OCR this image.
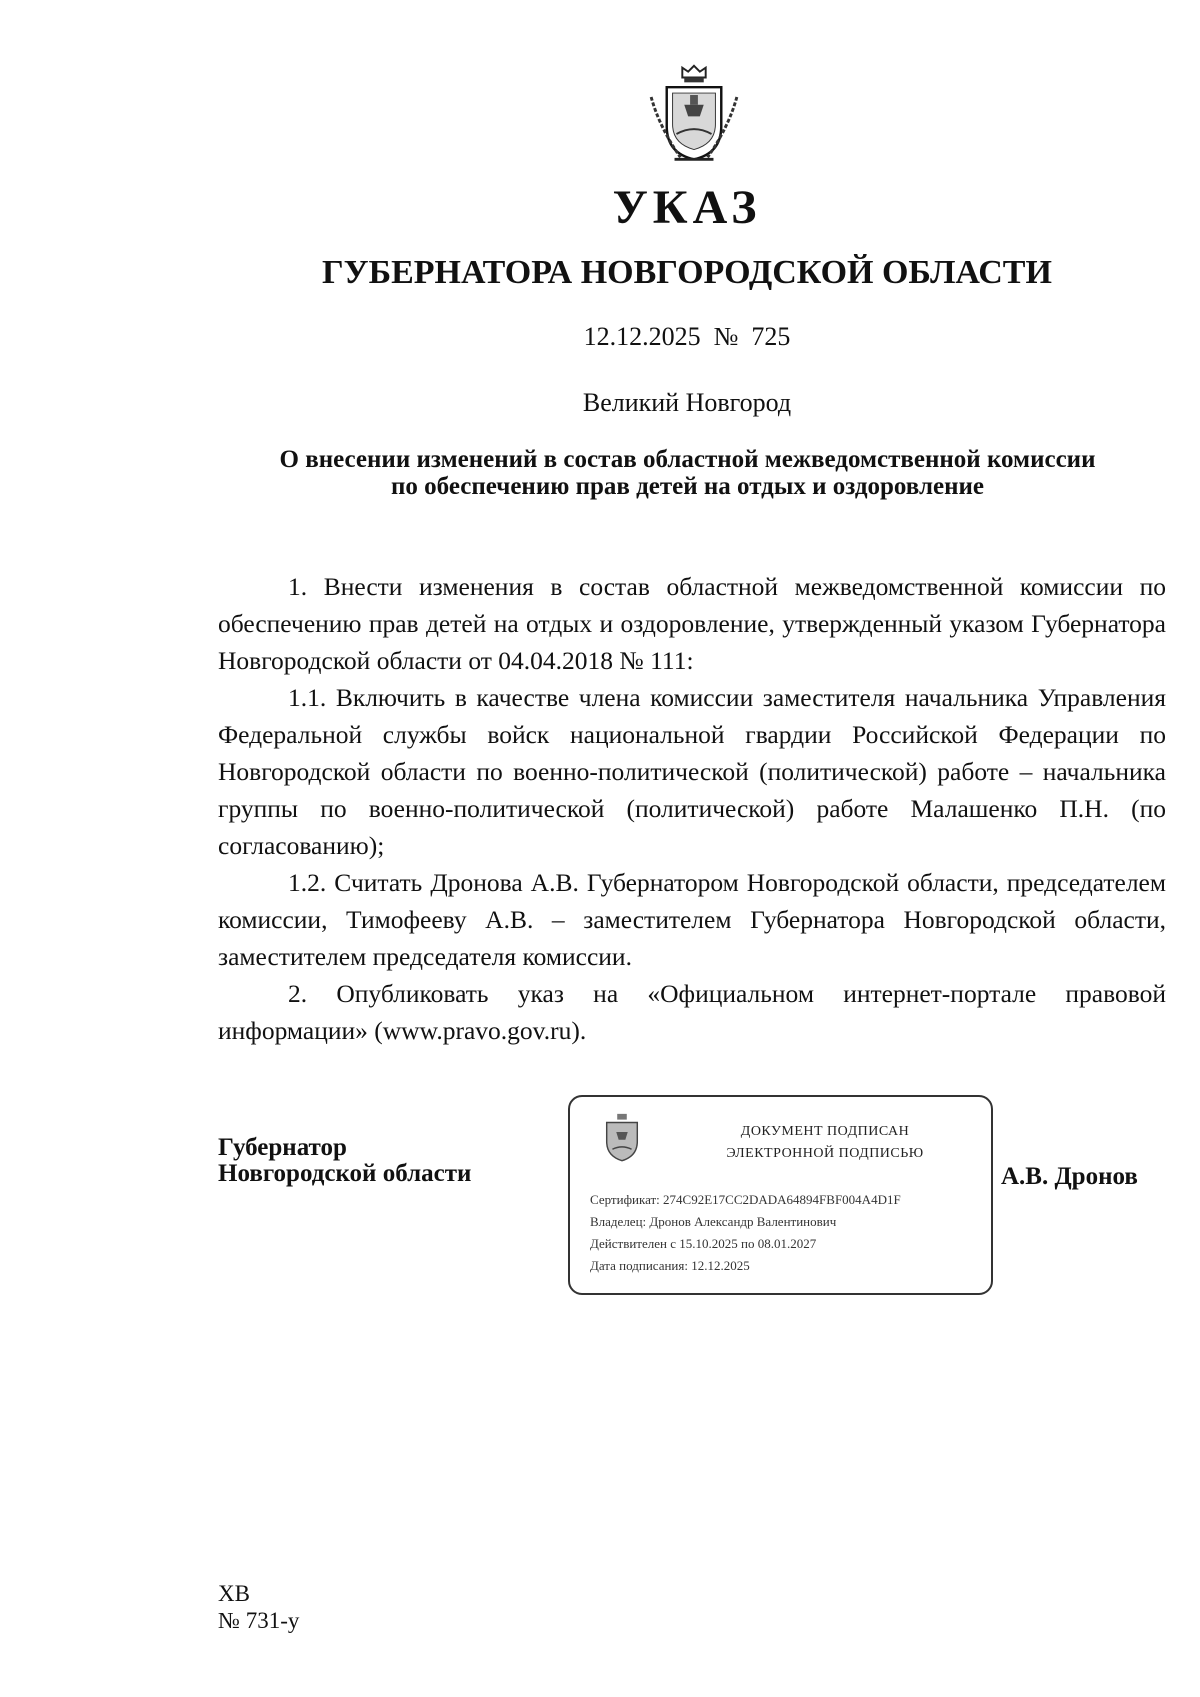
УКАЗ
ГУБЕРНАТОРА НОВГОРОДСКОЙ ОБЛАСТИ
12.12.2025 № 725
Великий Новгород
О внесении изменений в состав областной межведомственной комиссии
по обеспечению прав детей на отдых и оздоровление

1. Внести изменения в состав областной межведомственной комиссии по обеспечению прав детей на отдых и оздоровление, утвержденный указом Губернатора Новгородской области от 04.04.2018 № 111:

1.1. Включить в качестве члена комиссии заместителя начальника Управления Федеральной службы войск национальной гвардии Российской Федерации по Новгородской области по военно-политической (политической) работе – начальника группы по военно-политической (политической) работе Малашенко П.Н. (по согласованию);

1.2. Считать Дронова А.В. Губернатором Новгородской области, председателем комиссии, Тимофееву А.В. – заместителем Губернатора Новгородской области, заместителем председателя комиссии.

2. Опубликовать указ на «Официальном интернет-портале правовой информации» (www.pravo.gov.ru).

Губернатор
Новгородской области
ДОКУМЕНТ ПОДПИСАН
ЭЛЕКТРОННОЙ ПОДПИСЬЮ
Сертификат: 274C92E17CC2DADA64894FBF004A4D1F
Владелец: Дронов Александр Валентинович
Действителен с 15.10.2025 по 08.01.2027
Дата подписания: 12.12.2025
А.В. Дронов
ХВ
№ 731-у
